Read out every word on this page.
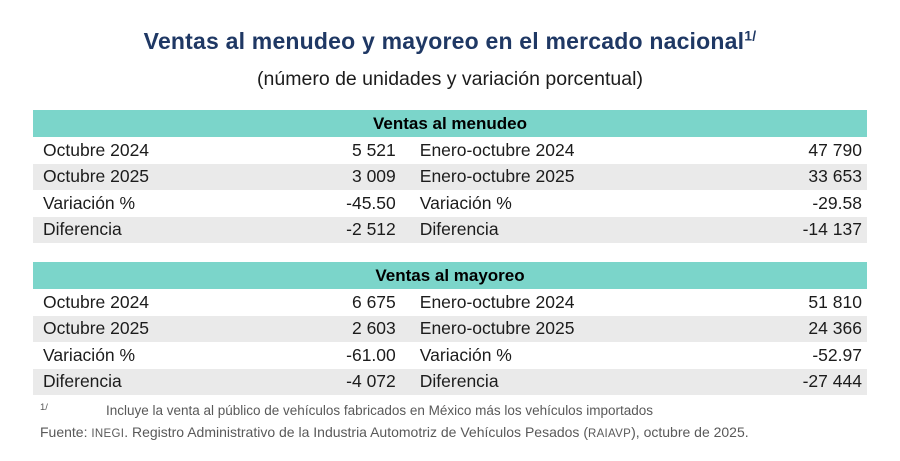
Ventas al menudeo y mayoreo en el mercado nacional$^{1/}$
(número de unidades y variación porcentual)
Ventas al menudeo
Octubre 2024	5 521	Enero-octubre 2024	47 790
Octubre 2025	3 009	Enero-octubre 2025	33 653
Variación %	-45.50	Variación %	-29.58
Diferencia	-2 512	Diferencia	-14 137
Ventas al mayoreo
Octubre 2024	6 675	Enero-octubre 2024	51 810
Octubre 2025	2 603	Enero-octubre 2025	24 366
Variación %	-61.00	Variación %	-52.97
Diferencia	-4 072	Diferencia	-27 444
$^{1/}$	Incluye la venta al público de vehículos fabricados en México más los vehículos importados
Fuente: INEGI. Registro Administrativo de la Industria Automotriz de Vehículos Pesados (RAIAVP), octubre de 2025.
